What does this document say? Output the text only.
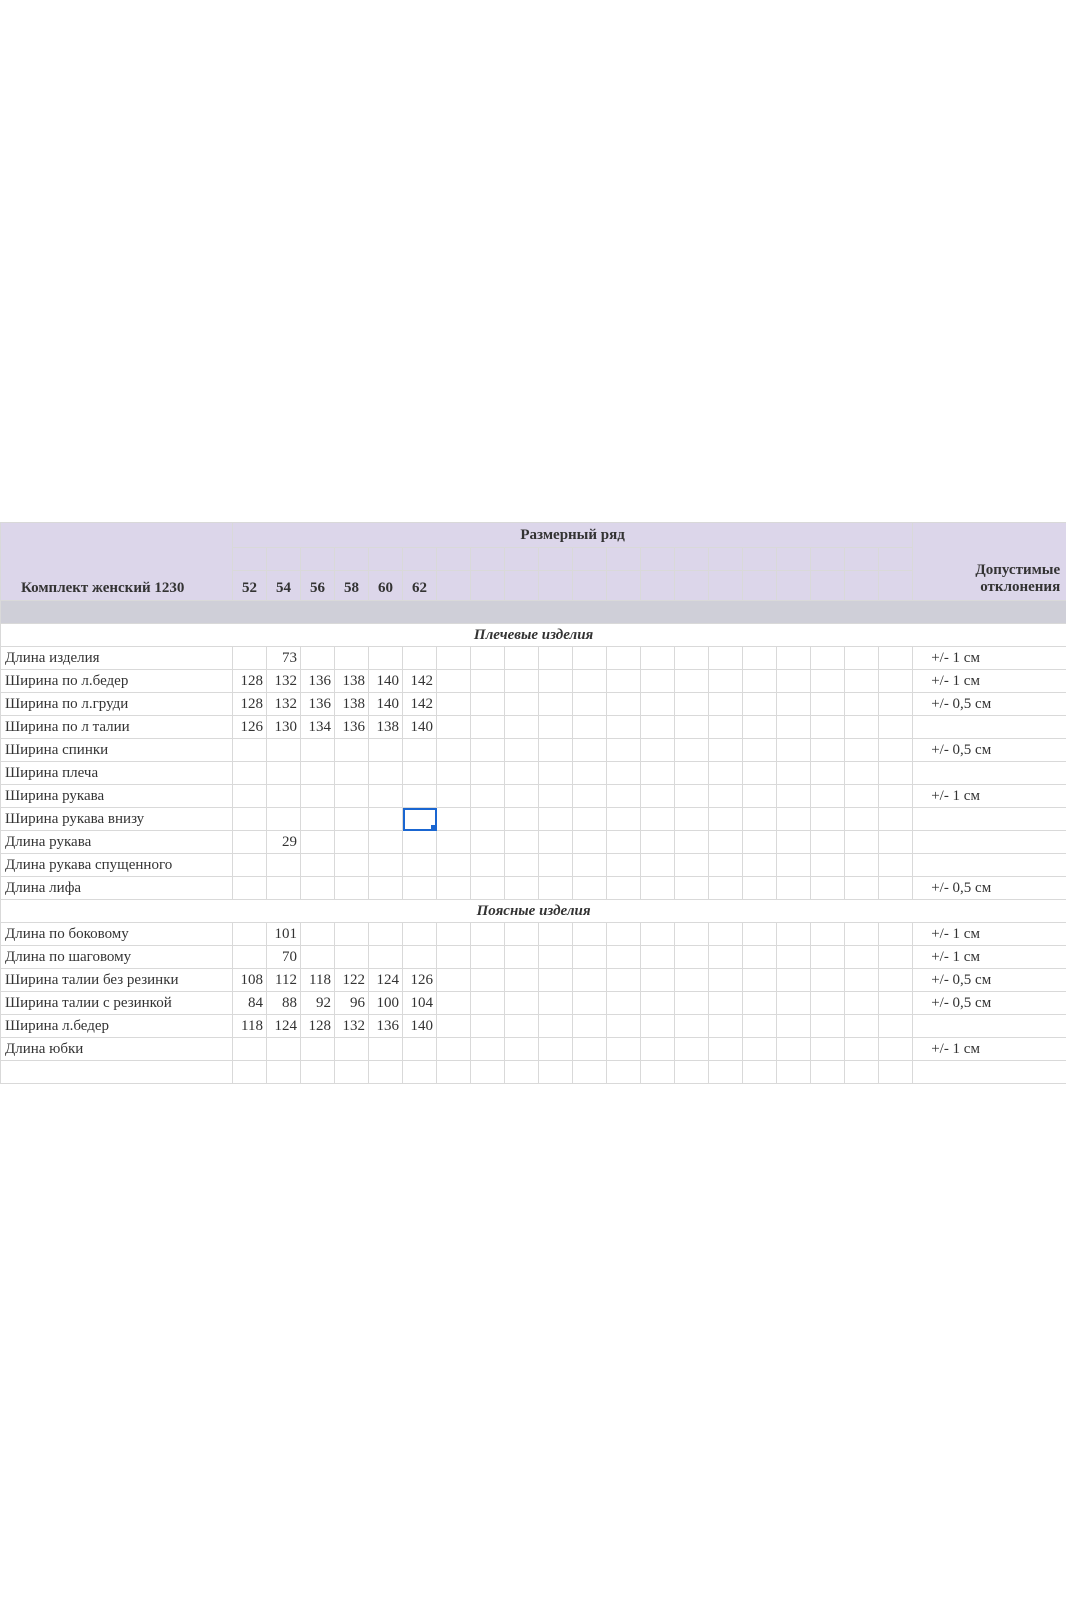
Комплект женский 1230	Размерный ряд																				Допустимые
отклонения

	52	54	56	58	60	62															

Плечевые изделия																					
Длина изделия		73																			+/- 1 см
Ширина по л.бедер	128	132	136	138	140	142															+/- 1 см
Ширина по л.груди	128	132	136	138	140	142															+/- 0,5 см
Ширина по л талии	126	130	134	136	138	140															
Ширина спинки																					+/- 0,5 см
Ширина плеча																					
Ширина рукава																					+/- 1 см
Ширина рукава внизу						

Длина рукава		29																			
Длина рукава спущенного																					
Длина лифа																					+/- 0,5 см
Поясные изделия																					
Длина по боковому		101																			+/- 1 см
Длина по шаговому		70																			+/- 1 см
Ширина талии без резинки	108	112	118	122	124	126															+/- 0,5 см
Ширина талии с резинкой	84	88	92	96	100	104															+/- 0,5 см
Ширина л.бедер	118	124	128	132	136	140															
Длина юбки																					+/- 1 см
